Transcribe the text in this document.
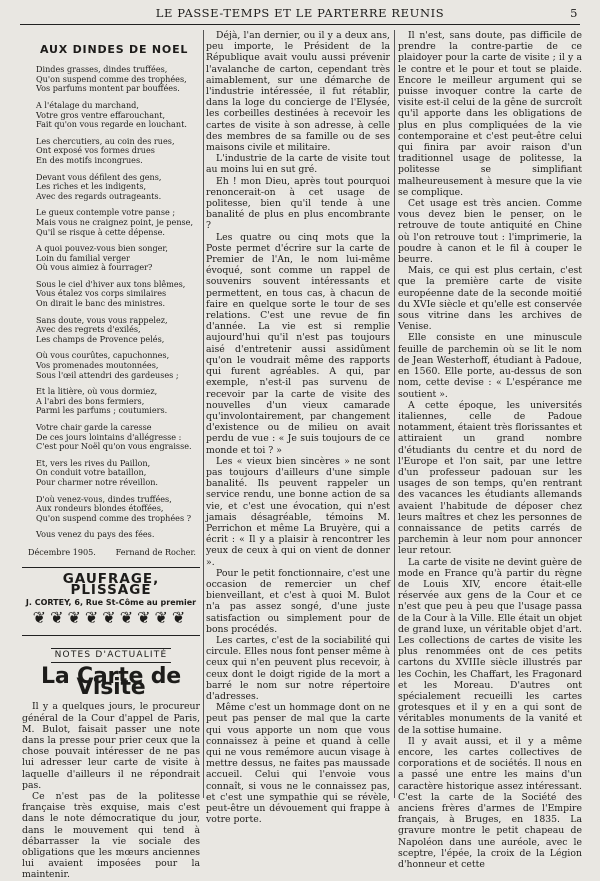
LE PASSE-TEMPS ET LE PARTERRE REUNIS	5
AUX DINDES DE NOEL
Dindes grasses, dindes truffées,
Qu'on suspend comme des trophées,
Vos parfums montent par bouffées.
A l'étalage du marchand,
Votre gros ventre effarouchant,
Fait qu'on vous regarde en louchant.
Les chercutiers, au coin des rues,
Ont exposé vos formes drues
En des motifs incongrues.
Devant vous défilent des gens,
Les riches et les indigents,
Avec des regards outrageants.
Le gueux contemple votre panse ;
Mais vous ne craignez point, je pense,
Qu'il se risque à cette dépense.
A quoi pouvez-vous bien songer,
Loin du familial verger
Où vous aimiez à fourrager?
Sous le ciel d'hiver aux tons blêmes,
Vous étalez vos corps similaires
On dirait le banc des ministres.
Sans doute, vous vous rappelez,
Avec des regrets d'exilés,
Les champs de Provence pelés,
Où vous courûtes, capuchonnes,
Vos promenades moutonnées,
Sous l'œil attendri des gardeuses ;
Et la litière, où vous dormiez,
A l'abri des bons fermiers,
Parmi les parfums ; coutumiers.
Votre chair garde la caresse
De ces jours lointains d'allégresse :
C'est pour Noël qu'on vous engraisse.
Et, vers les rives du Paillon,
On conduit votre bataillon,
Pour charmer notre réveillon.
D'où venez-vous, dindes truffées,
Aux rondeurs blondes étoffées,
Qu'on suspend comme des trophées ?
Vous venez du pays des fées.
Décembre 1905. Fernand de Rocher.
GAUFRAGE, PLISSAGE
J. CORTEY, 6, Rue St-Côme au premier
❦❦❦❦❦❦❦❦❦
NOTES D'ACTUALITÉ
La Carte de Visite

Il y a quelques jours, le procureur général de la Cour d'appel de Paris, M. Bulot, faisait passer une note dans la presse pour prier ceux que la chose pouvait intéresser de ne pas lui adresser leur carte de visite à laquelle d'ailleurs il ne répondrait pas.

Ce n'est pas de la politesse française très exquise, mais c'est dans le note démocratique du jour, dans le mouvement qui tend à débarrasser la vie sociale des obligations que les mœurs anciennes lui avaient imposées pour la maintenir.

Déjà, l'an dernier, ou il y a deux ans, peu importe, le Président de la République avait voulu aussi prévenir l'avalanche de carton, cependant très aimablement, sur une démarche de l'industrie intéressée, il fut rétablir, dans la loge du concierge de l'Elysée, les corbeilles destinées à recevoir les cartes de visite à son adresse, à celle des membres de sa famille ou de ses maisons civile et militaire.

L'industrie de la carte de visite tout au moins lui en sut gré.

Eh ! mon Dieu, après tout pourquoi renoncerait-on à cet usage de politesse, bien qu'il tende à une banalité de plus en plus encombrante ?

Les quatre ou cinq mots que la Poste permet d'écrire sur la carte de Premier de l'An, le nom lui-même évoqué, sont comme un rappel de souvenirs souvent intéressants et permettent, en tous cas, à chacun de faire en quelque sorte le tour de ses relations. C'est une revue de fin d'année. La vie est si remplie aujourd'hui qu'il n'est pas toujours aisé d'entretenir aussi assidûment qu'on le voudrait même des rapports qui furent agréables. A qui, par exemple, n'est-il pas survenu de recevoir par la carte de visite des nouvelles d'un vieux camarade qu'involontairement, par changement d'existence ou de milieu on avait perdu de vue : « Je suis toujours de ce monde et toi ? »

Les « vieux bien sincères » ne sont pas toujours d'ailleurs d'une simple banalité. Ils peuvent rappeler un service rendu, une bonne action de sa vie, et c'est une évocation, qui n'est jamais désagréable, témoins M. Perrichon et même La Bruyère, qui a écrit : « Il y a plaisir à rencontrer les yeux de ceux à qui on vient de donner ».

Pour le petit fonctionnaire, c'est une occasion de remercier un chef bienveillant, et c'est à quoi M. Bulot n'a pas assez songé, d'une juste satisfaction ou simplement pour de bons procédés.

Les cartes, c'est de la sociabilité qui circule. Elles nous font penser même à ceux qui n'en peuvent plus recevoir, à ceux dont le doigt rigide de la mort a barré le nom sur notre répertoire d'adresses.

Même c'est un hommage dont on ne peut pas penser de mal que la carte qui vous apporte un nom que vous connaissez à peine et quand à celle qui ne vous remémore aucun visage à mettre dessus, ne faites pas maussade accueil. Celui qui l'envoie vous connaît, si vous ne le connaissez pas, et c'est une sympathie qui se révèle, peut-être un dévouement qui frappe à votre porte.

Il n'est, sans doute, pas difficile de prendre la contre-partie de ce plaidoyer pour la carte de visite ; il y a le contre et le pour et tout se plaide. Encore le meilleur argument qui se puisse invoquer contre la carte de visite est-il celui de la gêne de surcroît qu'il apporte dans les obligations de plus en plus compliquées de la vie contemporaine et c'est peut-être celui qui finira par avoir raison d'un traditionnel usage de politesse, la politesse se simplifiant malheureusement à mesure que la vie se complique.

Cet usage est très ancien. Comme vous devez bien le penser, on le retrouve de toute antiquité en Chine où l'on retrouve tout : l'imprimerie, la poudre à canon et le fil à couper le beurre.

Mais, ce qui est plus certain, c'est que la première carte de visite européenne date de la seconde moitié du XVIe siècle et qu'elle est conservée sous vitrine dans les archives de Venise.

Elle consiste en une minuscule feuille de parchemin où se lit le nom de Jean Westerhoff, étudiant à Padoue, en 1560. Elle porte, au-dessus de son nom, cette devise : « L'espérance me soutient ».

A cette époque, les universités italiennes, celle de Padoue notamment, étaient très florissantes et attiraient un grand nombre d'étudiants du centre et du nord de l'Europe et l'on sait, par une lettre d'un professeur padouan sur les usages de son temps, qu'en rentrant des vacances les étudiants allemands avaient l'habitude de déposer chez leurs maîtres et chez les personnes de connaissance de petits carrés de parchemin à leur nom pour annoncer leur retour.

La carte de visite ne devint guère de mode en France qu'à partir du règne de Louis XIV, encore était-elle réservée aux gens de la Cour et ce n'est que peu à peu que l'usage passa de la Cour à la Ville. Elle était un objet de grand luxe, un véritable objet d'art. Les collections de cartes de visite les plus renommées ont de ces petits cartons du XVIIIe siècle illustrés par les Cochin, les Chaffart, les Fragonard et les Moreau. D'autres ont spécialement recueilli les cartes grotesques et il y en a qui sont de véritables monuments de la vanité et de la sottise humaine.

Il y avait aussi, et il y a même encore, les cartes collectives de corporations et de sociétés. Il nous en a passé une entre les mains d'un caractère historique assez intéressant. C'est la carte de la Société des anciens frères d'armes de l'Empire français, à Bruges, en 1835. La gravure montre le petit chapeau de Napoléon dans une auréole, avec le sceptre, l'épée, la croix de la Légion d'honneur et cette
